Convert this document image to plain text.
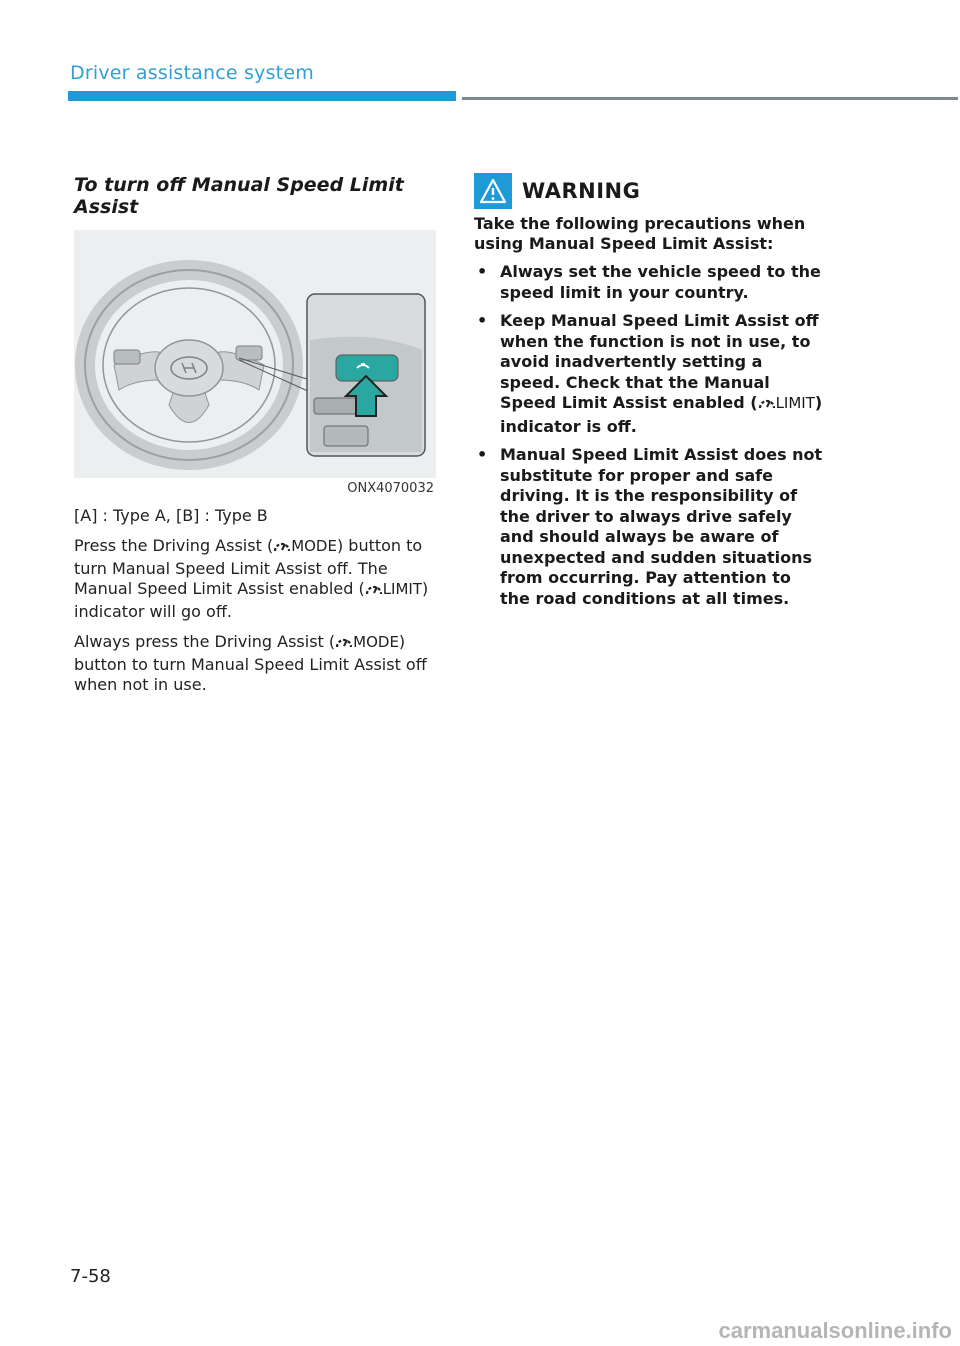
Driver assistance system
To turn off Manual Speed Limit Assist
ONX4070032
[A] : Type A, [B] : Type B
Press the Driving Assist ( MODE) button to turn Manual Speed Limit Assist off. The Manual Speed Limit Assist enabled ( LIMIT) indicator will go off.
Always press the Driving Assist ( MODE) button to turn Manual Speed Limit Assist off when not in use.
WARNING
Take the following precautions when using Manual Speed Limit Assist:
• Always set the vehicle speed to the speed limit in your country.
• Keep Manual Speed Limit Assist off when the function is not in use, to avoid inadvertently setting a speed. Check that the Manual Speed Limit Assist enabled ( LIMIT) indicator is off.
• Manual Speed Limit Assist does not substitute for proper and safe driving. It is the responsibility of the driver to always drive safely and should always be aware of unexpected and sudden situations from occurring. Pay attention to the road conditions at all times.
7-58
carmanualsonline.info
